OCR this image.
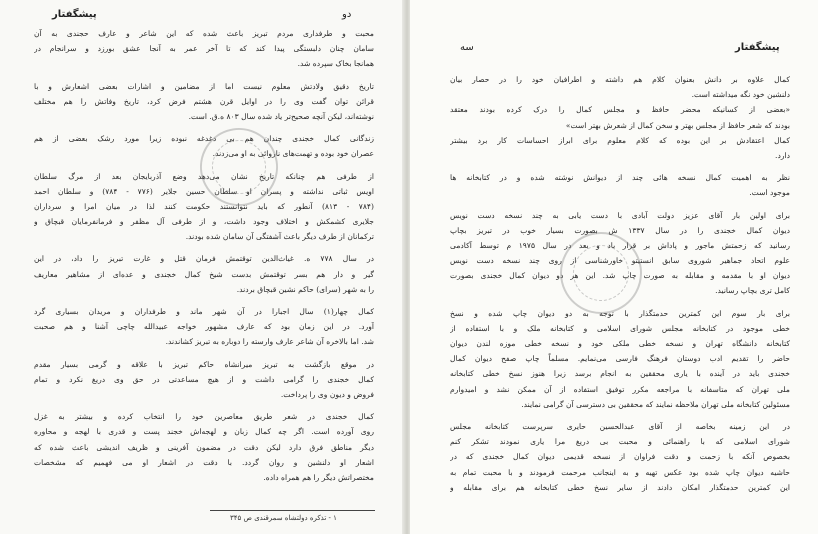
پیشگفتار	دو
محبت و طرفداری مردم تبریز باعث شده که این شاعر و عارف حجندی به آن
سامان چنان دلبستگی پیدا کند که تا آخر عمر به آنجا عشق بورزد و سرانجام در
همانجا بخاک سپرده شد.
تاریخ دقیق ولادتش معلوم نیست اما از مضامین و اشارات بعضی اشعارش و با
قرائن توان گفت وی را در اوایل قرن هشتم فرض کرد، تاریخ وفاتش را هم مختلف
نوشته‌اند، لیکن آنچه صحیح‌تر یاد شده سال ۸۰۳ ه.ق. است.
زندگانی کمال خجندی چندان هم بی دغدغه نبوده زیرا مورد رشک بعضی از هم
عصران خود بوده و تهمت‌های ناروائی به او می‌زدند.
از طرفی هم چنانکه تاریخ نشان می‌دهد وضع آذربایجان بعد از مرگ سلطان
اویس ثباتی نداشته و پسران او سلطان حسین جلایر (۷۷۶ - ۷۸۴) و سلطان احمد
(۷۸۴ - ۸۱۳) آنطور که باید نتوانستند حکومت کنند لذا در میان امرا و سرداران
جلایری کشمکش و اختلاف وجود داشت، و از طرفی آل مظفر و فرمانفرمایان قبچاق و
ترکمانان از طرف دیگر باعث آشفتگی آن سامان شده بودند.
در سال ۷۷۸ ه. غیاث‌الدین توقتمش فرمان قتل و غارت تبریز را داد، در این
گیر و دار هم بسر توقتمش بدست شیخ کمال خجندی و عده‌ای از مشاهیر معاریف
را به شهر (سرای) حاکم نشین قبچاق بردند.
کمال چهار(۱) سال اجبارا در آن شهر ماند و طرفداران و مریدان بسیاری گرد
آورد. در این زمان بود که عارف مشهور خواجه عبیدالله چاچی آشنا و هم صحبت
شد. اما بالاخره آن شاعر عارف وارسته را دوباره به تبریز کشاندند.
در موقع بازگشت به تبریز میرانشاه حاکم تبریز با علاقه و گرمی بسیار مقدم
کمال خجندی را گرامی داشت و از هیچ مساعدتی در حق وی دریغ نکرد و تمام
فروض و دیون وی را پرداخت.
کمال خجندی در شعر طریق معاصرین خود را انتخاب کرده و بیشتر به غزل
روی آورده است. اگر چه کمال زبان و لهجه‌اش خجند پست و قدری با لهجه و محاوره
دیگر مناطق فرق دارد لیکن دقت در مضمون آفرینی و ظریف اندیشی باعث شده که
اشعار او دلنشین و روان گردد. با دقت در اشعار او می فهمیم که مشخصات
مختصراتش دیگر را هم همراه داده.
۱ - تذکره دولتشاه سمرقندی ص ۳۴۵
پیشگفتار
سه
کمال علاوه بر دانش بعنوان کلام هم داشته و اطرافیان خود را در حصار بیان
دلنشین خود نگه میداشته است.
«بعضی از کسانیکه محضر حافظ و مجلس کمال را درک کرده بودند معتقد
بودند که شعر حافظ از مجلس بهتر و سخن کمال از شعرش بهتر است»
کمال اعتقادش بر این بوده که کلام معلوم برای ابراز احساسات کار برد بیشتر
دارد.
نظر به اهمیت کمال نسخه هائی چند از دیوانش نوشته شده و در کتابخانه ها
موجود است.
برای اولین بار آقای عزیز دولت آبادی با دست یابی به چند نسخه دست نویس
دیوان کمال خجندی را در سال ۱۳۳۷ ش بصورت بسیار خوب در تبریز بچاپ
رسانید که زحمتش ماجور و پاداش بر قرار باد و بعد در سال ۱۹۷۵ م توسط آکادمی
علوم اتحاد جماهیر شوروی سابق انستیتو خاورشناسی از روی چند نسخه دست نویس
دیوان او با مقدمه و مقابله به صورت چاپ شد. این هر دو دیوان کمال خجندی بصورت
کامل تری بچاپ رسانید.
برای بار سوم این کمترین حدمتگذار با توجه به دو دیوان چاپ شده و نسخ
خطی موجود در کتابخانه مجلس شورای اسلامی و کتابخانه ملک و با استفاده از
کتابخانه دانشگاه تهران و نسخه خطی ملکی خود و نسخه خطی موزه لندن دیوان
حاضر را تقدیم ادب دوستان فرهنگ فارسی می‌نمایم. مسلماً چاپ صفح دیوان کمال
خجندی باید در آینده با یاری محققین به انجام برسد زیرا هنوز نسخ خطی کتابخانه
ملی تهران که متاسفانه با مراجعه مکرر توفیق استفاده از آن ممکن نشد و امیدوارم
مسئولین کتابخانه ملی تهران ملاحظه نمایند که محققین بی دسترسی آن گرامی نمایند.
در این زمینه بخاصه از آقای عبدالحسین حایری سرپرست کتابخانه مجلس
شورای اسلامی که با راهنمائی و محبت بی دریغ مرا یاری نمودند تشکر کنم
بخصوص آنکه با زحمت و دقت فراوان از نسخه قدیمی دیوان کمال خجندی که در
حاشیه دیوان چاپ شده بود عکس تهیه و به اینجانب مرحمت فرمودند و با محبت تمام به
این کمترین حدمتگذار امکان دادند از سایر نسخ خطی کتابخانه هم برای مقابله و
